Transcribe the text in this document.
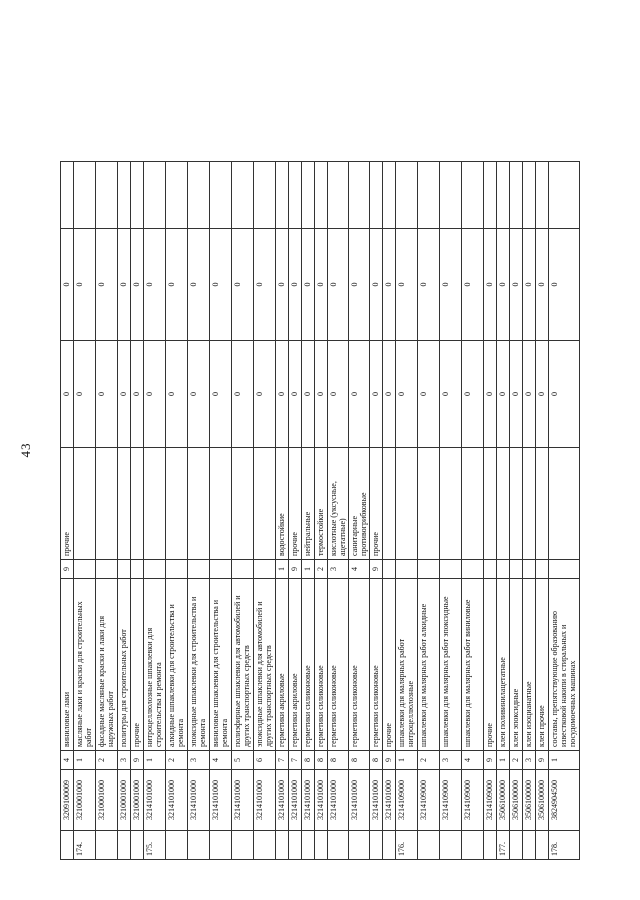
43
	3209100009	4	виниловые лаки	9	прочие	0	0	
174.	3210001000	1	масляные лаки и краски для строительных работ			0	0	
	3210001000	2	фасадные масляные краски и лаки для наружных работ			0	0	
	3210001000	3	политуры для строительных работ			0	0	
	3210001000	9	прочие			0	0	
175.	3214101000	1	нитроцеллюлозные шпаклевки для строительства и ремонта			0	0	
	3214101000	2	алкидные шпаклевки для строительства и ремонта			0	0	
	3214101000	3	эпоксидные шпаклевки для строительства и ремонта			0	0	
	3214101000	4	виниловые шпаклевки для строительства и ремонта			0	0	
	3214101000	5	полиэфирные шпаклевки для автомобилей и других транспортных средств			0	0	
	3214101000	6	эпоксидные шпаклевки для автомобилей и других транспортных средств			0	0	
	3214101000	7	герметики акриловые	1	водостойкие	0	0	
	3214101000	7	герметики акриловые	9	прочие	0	0	
	3214101000	8	герметики силиконовые	1	нейтральные	0	0	
	3214101000	8	герметики силиконовые	2	термостойкие	0	0	
	3214101000	8	герметики силиконовые	3	кислотные (уксусные, ацетатные)	0	0	
	3214101000	8	герметики силиконовые	4	санитарные противогрибковые	0	0	
	3214101000	8	герметики силиконовые	9	прочие	0	0	
	3214101000	9	прочие			0	0	
176.	3214109000	1	шпаклевки для малярных работ нитроцеллюлозные			0	0	
	3214109000	2	шпаклевки для малярных работ алкидные			0	0	
	3214109000	3	шпаклевки для малярных работ эпоксидные			0	0	
	3214109000	4	шпаклевки для малярных работ виниловые			0	0	
	3214109000	9	прочие			0	0	
177.	3506100000	1	клеи поливинилацетатные			0	0	
	3506100000	2	клеи эпоксидные			0	0	
	3506100000	3	клеи изоцианатные			0	0	
	3506100000	9	клеи прочие			0	0	
178.	3824904500	1	составы, препятствующие образованию известковой накипи в стиральных и посудомоечных машинах			0	0	
